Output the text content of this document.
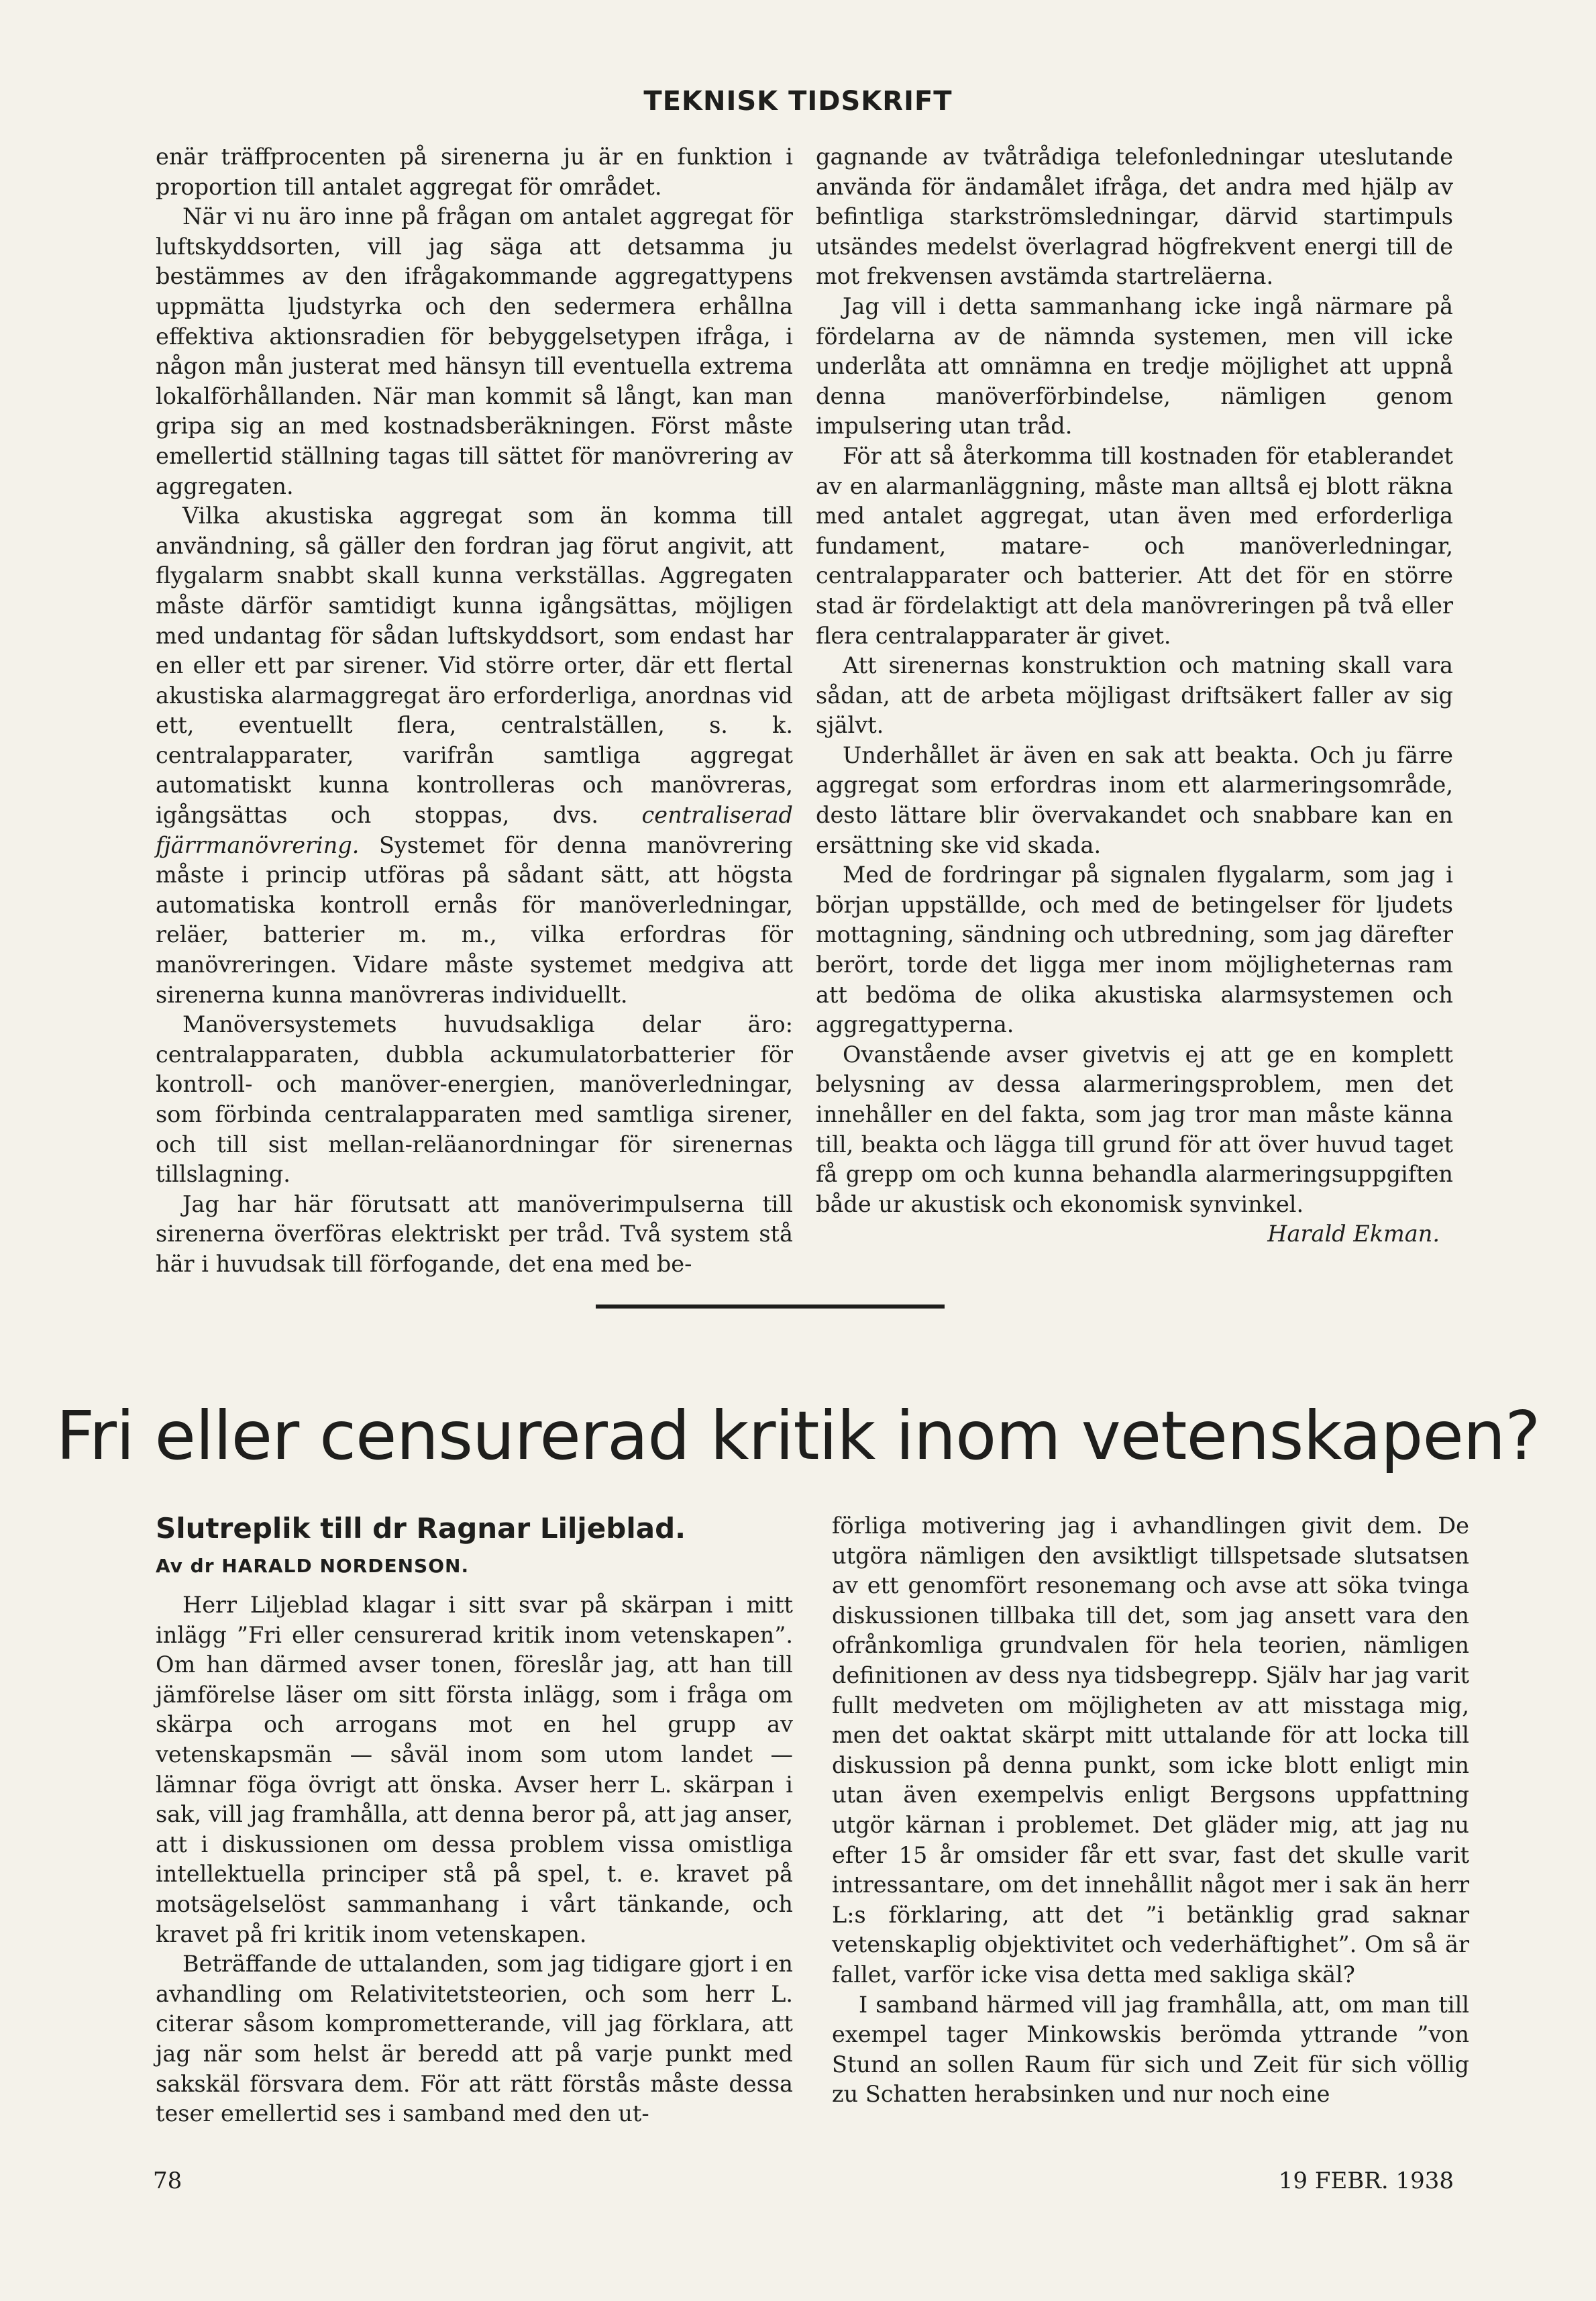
TEKNISK TIDSKRIFT

enär träffprocenten på sirenerna ju är en funktion i proportion till antalet aggregat för området.

När vi nu äro inne på frågan om antalet aggregat för luftskyddsorten, vill jag säga att detsamma ju bestämmes av den ifrågakommande aggregattypens uppmätta ljudstyrka och den sedermera erhållna effektiva aktionsradien för bebyggelsetypen ifråga, i någon mån justerat med hänsyn till eventuella extrema lokalförhållanden. När man kommit så långt, kan man gripa sig an med kostnadsberäkningen. Först måste emellertid ställning tagas till sättet för manövrering av aggregaten.

Vilka akustiska aggregat som än komma till användning, så gäller den fordran jag förut angivit, att flygalarm snabbt skall kunna verkställas. Aggregaten måste därför samtidigt kunna igångsättas, möjligen med undantag för sådan luftskyddsort, som endast har en eller ett par sirener. Vid större orter, där ett flertal akustiska alarmaggregat äro erforderliga, anordnas vid ett, eventuellt flera, centralställen, s. k. centralapparater, varifrån samtliga aggregat automatiskt kunna kontrolleras och manövreras, igångsättas och stoppas, dvs. centraliserad fjärrmanövrering. Systemet för denna manövrering måste i princip utföras på sådant sätt, att högsta automatiska kontroll ernås för manöverledningar, reläer, batterier m. m., vilka erfordras för manövreringen. Vidare måste systemet medgiva att sirenerna kunna manövreras individuellt.

Manöversystemets huvudsakliga delar äro: centralapparaten, dubbla ackumulatorbatterier för kontroll- och manöver-energien, manöverledningar, som förbinda centralapparaten med samtliga sirener, och till sist mellan-reläanordningar för sirenernas tillslagning.

Jag har här förutsatt att manöverimpulserna till sirenerna överföras elektriskt per tråd. Två system stå här i huvudsak till förfogande, det ena med be-

gagnande av tvåtrådiga telefonledningar uteslutande använda för ändamålet ifråga, det andra med hjälp av befintliga starkströmsledningar, därvid startimpuls utsändes medelst överlagrad högfrekvent energi till de mot frekvensen avstämda startreläerna.

Jag vill i detta sammanhang icke ingå närmare på fördelarna av de nämnda systemen, men vill icke underlåta att omnämna en tredje möjlighet att uppnå denna manöverförbindelse, nämligen genom impulsering utan tråd.

För att så återkomma till kostnaden för etablerandet av en alarmanläggning, måste man alltså ej blott räkna med antalet aggregat, utan även med erforderliga fundament, matare- och manöverledningar, centralapparater och batterier. Att det för en större stad är fördelaktigt att dela manövreringen på två eller flera centralapparater är givet.

Att sirenernas konstruktion och matning skall vara sådan, att de arbeta möjligast driftsäkert faller av sig självt.

Underhållet är även en sak att beakta. Och ju färre aggregat som erfordras inom ett alarmeringsområde, desto lättare blir övervakandet och snabbare kan en ersättning ske vid skada.

Med de fordringar på signalen flygalarm, som jag i början uppställde, och med de betingelser för ljudets mottagning, sändning och utbredning, som jag därefter berört, torde det ligga mer inom möjligheternas ram att bedöma de olika akustiska alarmsystemen och aggregattyperna.

Ovanstående avser givetvis ej att ge en komplett belysning av dessa alarmeringsproblem, men det innehåller en del fakta, som jag tror man måste känna till, beakta och lägga till grund för att över huvud taget få grepp om och kunna behandla alarmeringsuppgiften både ur akustisk och ekonomisk synvinkel.

Harald Ekman.

Fri eller censurerad kritik inom vetenskapen?
Slutreplik till dr Ragnar Liljeblad.
Av dr HARALD NORDENSON.

Herr Liljeblad klagar i sitt svar på skärpan i mitt inlägg ”Fri eller censurerad kritik inom vetenskapen”. Om han därmed avser tonen, föreslår jag, att han till jämförelse läser om sitt första inlägg, som i fråga om skärpa och arrogans mot en hel grupp av vetenskapsmän — såväl inom som utom landet — lämnar föga övrigt att önska. Avser herr L. skärpan i sak, vill jag framhålla, att denna beror på, att jag anser, att i diskussionen om dessa problem vissa omistliga intellektuella principer stå på spel, t. e. kravet på motsägelselöst sammanhang i vårt tänkande, och kravet på fri kritik inom vetenskapen.

Beträffande de uttalanden, som jag tidigare gjort i en avhandling om Relativitetsteorien, och som herr L. citerar såsom komprometterande, vill jag förklara, att jag när som helst är beredd att på varje punkt med sakskäl försvara dem. För att rätt förstås måste dessa teser emellertid ses i samband med den ut-

förliga motivering jag i avhandlingen givit dem. De utgöra nämligen den avsiktligt tillspetsade slutsatsen av ett genomfört resonemang och avse att söka tvinga diskussionen tillbaka till det, som jag ansett vara den ofrånkomliga grundvalen för hela teorien, nämligen definitionen av dess nya tidsbegrepp. Själv har jag varit fullt medveten om möjligheten av att misstaga mig, men det oaktat skärpt mitt uttalande för att locka till diskussion på denna punkt, som icke blott enligt min utan även exempelvis enligt Bergsons uppfattning utgör kärnan i problemet. Det gläder mig, att jag nu efter 15 år omsider får ett svar, fast det skulle varit intressantare, om det innehållit något mer i sak än herr L:s förklaring, att det ”i betänklig grad saknar vetenskaplig objektivitet och vederhäftighet”. Om så är fallet, varför icke visa detta med sakliga skäl?

I samband härmed vill jag framhålla, att, om man till exempel tager Minkowskis berömda yttrande ”von Stund an sollen Raum für sich und Zeit für sich völlig zu Schatten herabsinken und nur noch eine

78	19 FEBR. 1938
